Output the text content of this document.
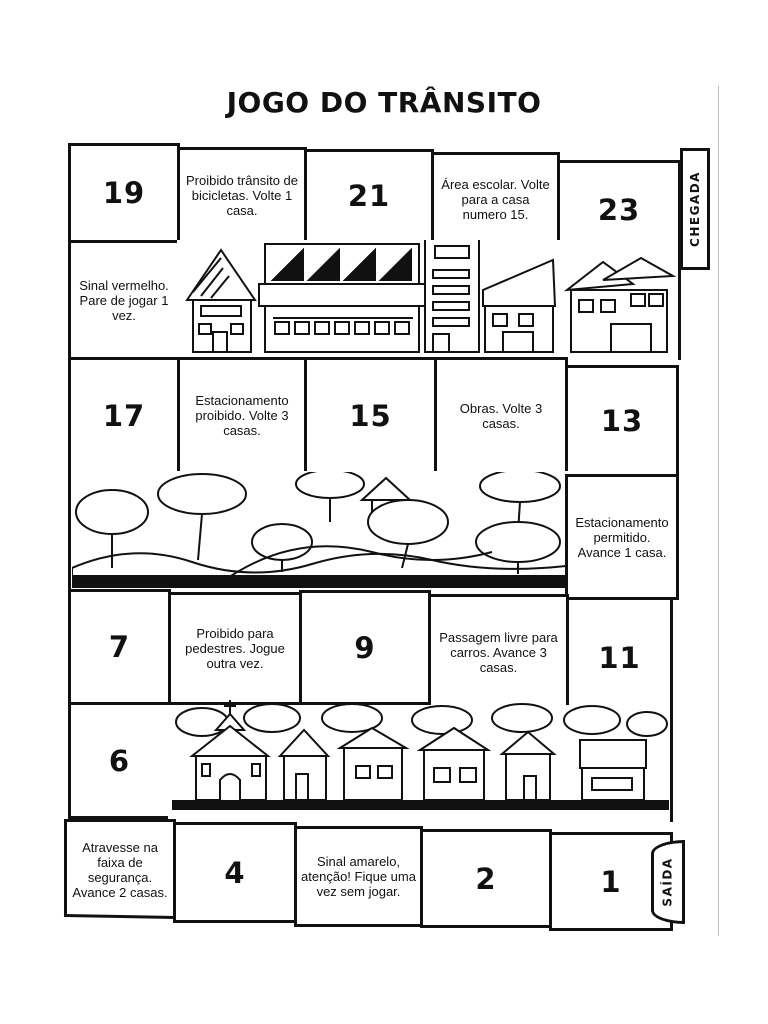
JOGO DO TRÂNSITO
19	Proibido trânsito de bicicletas. Volte 1 casa.	21	Área escolar. Volte para a casa numero 15.	23	CHEGADA
Sinal vermelho. Pare de jogar 1 vez.
17	Estacionamento proibido. Volte 3 casas.	15	Obras. Volte 3 casas.	13
Estacionamento permitido. Avance 1 casa.
7	Proibido para pedestres. Jogue outra vez.	9	Passagem livre para carros. Avance 3 casas.	11
6
Atravesse na faixa de segurança. Avance 2 casas.
4	Sinal amarelo, atenção! Fique uma vez sem jogar.	2	1	SAÍDA
